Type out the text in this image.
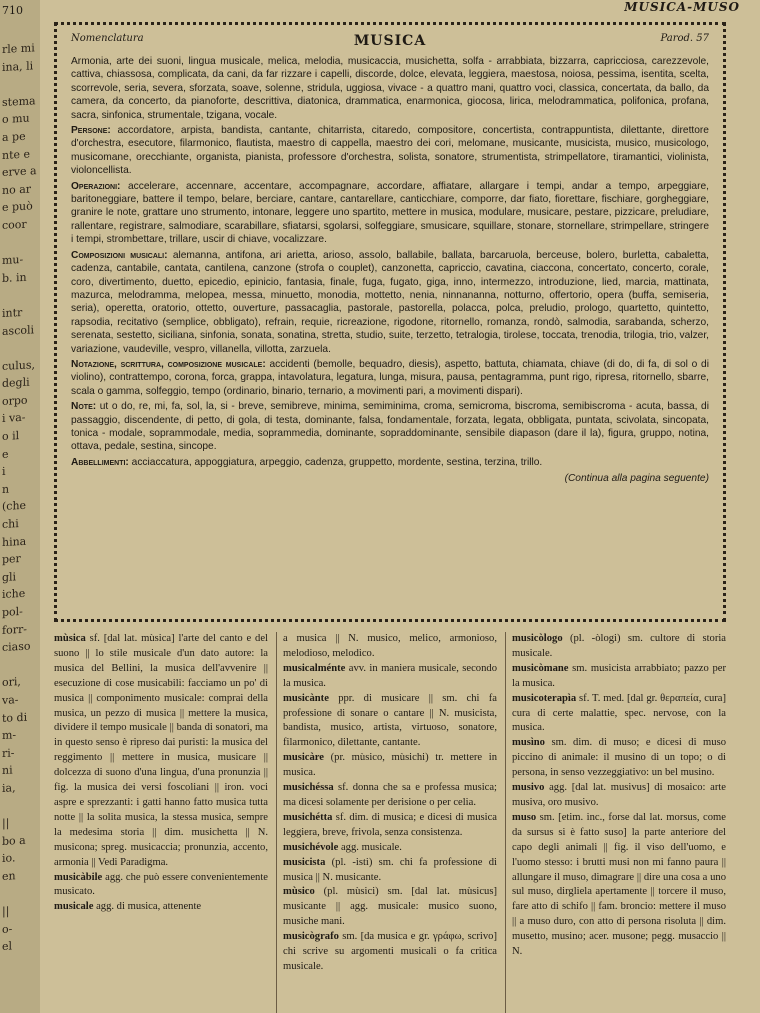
710
rle mi
ina, li

stema
o mu
a pe
nte e
erve a
no ar
e può
coor

mu-
b. in

intr
ascoli

culus,
degli
orpo
i va-
o il
e
i
n
(che
chi
hina
per
gli
iche
pol-
forr-
ciaso

ori,
va-
to di
m-
ri-
ni
ia,

||
bo a
io.
en

||
o-
el
MUSICA-MUSO
Nomenclatura	MUSICA	Parod. 57

Armonia, arte dei suoni, lingua musicale, melica, melodia, musicaccia, musichetta, solfa - arrabbiata, bizzarra, capricciosa, carezzevole, cattiva, chiassosa, complicata, da cani, da far rizzare i capelli, discorde, dolce, elevata, leggiera, maestosa, noiosa, pessima, isentita, scelta, scorrevole, seria, severa, sforzata, soave, solenne, stridula, uggiosa, vivace - a quattro mani, quattro voci, classica, concertata, da ballo, da camera, da concerto, da pianoforte, descrittiva, diatonica, drammatica, enarmonica, giocosa, lirica, melodrammatica, polifonica, profana, sacra, sinfonica, strumentale, tzigana, vocale.

Persone: accordatore, arpista, bandista, cantante, chitarrista, citaredo, compositore, concertista, contrappuntista, dilettante, direttore d'orchestra, esecutore, filarmonico, flautista, maestro di cappella, maestro dei cori, melomane, musicante, musicista, musico, musicologo, musicomane, orecchiante, organista, pianista, professore d'orchestra, solista, sonatore, strumentista, strimpellatore, tiramantici, violinista, violoncellista.

Operazioni: accelerare, accennare, accentare, accompagnare, accordare, affiatare, allargare i tempi, andar a tempo, arpeggiare, baritoneggiare, battere il tempo, belare, berciare, cantare, cantarellare, canticchiare, comporre, dar fiato, fiorettare, fischiare, gorgheggiare, granire le note, grattare uno strumento, intonare, leggere uno spartito, mettere in musica, modulare, musicare, pestare, pizzicare, preludiare, rallentare, registrare, salmodiare, scarabillare, sfiatarsi, sgolarsi, solfeggiare, smusicare, squillare, stonare, stornellare, strimpellare, stringere i tempi, strombettare, trillare, uscir di chiave, vocalizzare.

Composizioni musicali: alemanna, antifona, ari arietta, arioso, assolo, ballabile, ballata, barcaruola, berceuse, bolero, burletta, cabaletta, cadenza, cantabile, cantata, cantilena, canzone (strofa o couplet), canzonetta, capriccio, cavatina, ciaccona, concertato, concerto, corale, coro, divertimento, duetto, epicedio, epinicio, fantasia, finale, fuga, fugato, giga, inno, intermezzo, introduzione, lied, marcia, mattinata, mazurca, melodramma, melopea, messa, minuetto, monodia, mottetto, nenia, ninnananna, notturno, offertorio, opera (buffa, semiseria, seria), operetta, oratorio, ottetto, ouverture, passacaglia, pastorale, pastorella, polacca, polca, preludio, prologo, quartetto, quintetto, rapsodia, recitativo (semplice, obbligato), refrain, requie, ricreazione, rigodone, ritornello, romanza, rondò, salmodia, sarabanda, scherzo, serenata, sestetto, siciliana, sinfonia, sonata, sonatina, stretta, studio, suite, terzetto, tetralogia, tirolese, toccata, trenodia, trilogia, trio, valzer, variazione, vaudeville, vespro, villanella, villotta, zarzuela.

Notazione, scrittura, composizione musicale: accidenti (bemolle, bequadro, diesis), aspetto, battuta, chiamata, chiave (di do, di fa, di sol o di violino), contrattempo, corona, forca, grappa, intavolatura, legatura, lunga, misura, pausa, pentagramma, punt rigo, ripresa, ritornello, sbarre, scala o gamma, solfeggio, tempo (ordinario, binario, ternario, a movimenti pari, a movimenti dispari).

Note: ut o do, re, mi, fa, sol, la, si - breve, semibreve, minima, semiminima, croma, semicroma, biscroma, semibiscroma - acuta, bassa, di passaggio, discendente, di petto, di gola, di testa, dominante, falsa, fondamentale, forzata, legata, obbligata, puntata, scivolata, sincopata, tonica - modale, soprammodale, media, soprammedia, dominante, sopraddominante, sensibile diapason (dare il la), figura, gruppo, notina, ottava, pedale, sestina, sincope.

Abbellimenti: acciaccatura, appoggiatura, arpeggio, cadenza, gruppetto, mordente, sestina, terzina, trillo.

(Continua alla pagina seguente)
mùsica sf. [dal lat. mùsica] l'arte del canto e del suono || lo stile musicale d'un dato autore: la musica del Bellini, la musica dell'avvenire || esecuzione di cose musicabili: facciamo un po' di musica || componimento musicale: comprai della musica, un pezzo di musica || mettere la musica, dividere il tempo musicale || banda di sonatori, ma in questo senso è ripreso dai puristi: la musica del reggimento || mettere in musica, musicare || dolcezza di suono d'una lingua, d'una pronunzia || fig. la musica dei versi foscoliani || iron. voci aspre e sprezzanti: i gatti hanno fatto musica tutta notte || la solita musica, la stessa musica, sempre la medesima storia || dim. musichetta || N. musicona; spreg. musicaccia; pronunzia, accento, armonia || Vedi Paradigma.
musicàbile agg. che può essere convenientemente musicato.
musicale agg. di musica, attenente
a musica || N. musico, melico, armonioso, melodioso, melodico.
musicalménte avv. in maniera musicale, secondo la musica.
musicànte ppr. di musicare || sm. chi fa professione di sonare o cantare || N. musicista, bandista, musico, artista, virtuoso, sonatore, filarmonico, dilettante, cantante.
musicàre (pr. mùsico, mùsichi) tr. mettere in musica.
musichéssa sf. donna che sa e professa musica; ma dicesi solamente per derisione o per celia.
musichétta sf. dim. di musica; e dicesi di musica leggiera, breve, frivola, senza consistenza.
musichévole agg. musicale.
musicista (pl. -isti) sm. chi fa professione di musica || N. musicante.
mùsico (pl. mùsici) sm. [dal lat. mùsicus] musicante || agg. musicale: musico suono, musiche mani.
musicògrafo sm. [da musica e gr. γράφω, scrivo] chi scrive su argomenti musicali o fa critica musicale.
musicòlogo (pl. -òlogi) sm. cultore di storia musicale.
musicòmane sm. musicista arrabbiato; pazzo per la musica.
musicoterapìa sf. T. med. [dal gr. θεραπεία, cura] cura di certe malattie, spec. nervose, con la musica.
musìno sm. dim. di muso; e dicesi di muso piccino di animale: il musino di un topo; o di persona, in senso vezzeggiativo: un bel musino.
musivo agg. [dal lat. musivus] di mosaico: arte musiva, oro musivo.
muso sm. [etim. inc., forse dal lat. morsus, come da sursus si è fatto suso] la parte anteriore del capo degli animali || fig. il viso dell'uomo, e l'uomo stesso: i brutti musi non mi fanno paura || allungare il muso, dimagrare || dire una cosa a uno sul muso, dirgliela apertamente || torcere il muso, fare atto di schifo || fam. broncio: mettere il muso || a muso duro, con atto di persona risoluta || dim. musetto, musino; acer. musone; pegg. musaccio || N.
